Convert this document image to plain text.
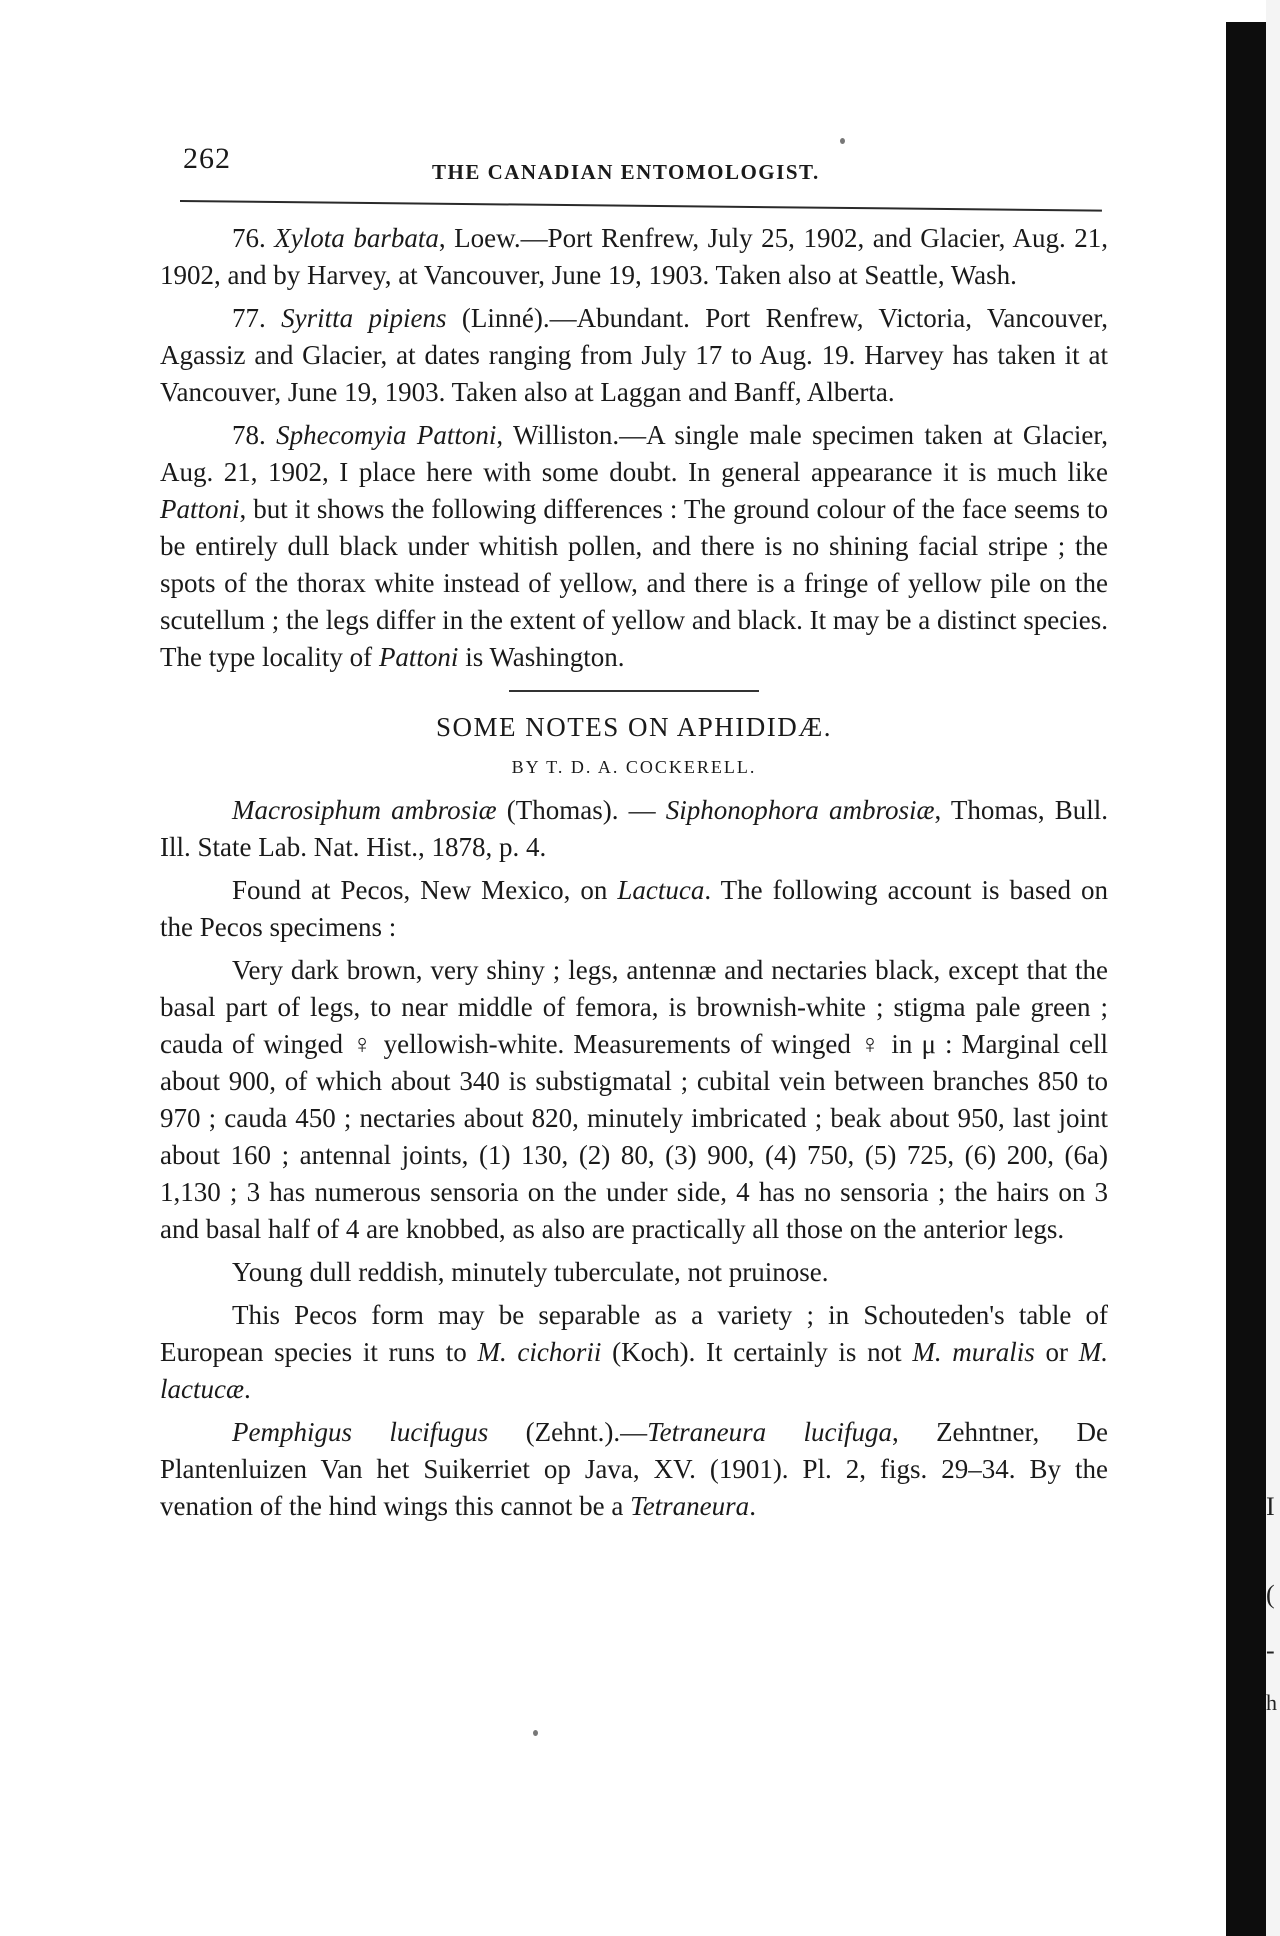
I
(
-
h
262	THE CANADIAN ENTOMOLOGIST.

76. Xylota barbata, Loew.—Port Renfrew, July 25, 1902, and Glacier, Aug. 21, 1902, and by Harvey, at Vancouver, June 19, 1903. Taken also at Seattle, Wash.

77. Syritta pipiens (Linné).—Abundant. Port Renfrew, Victoria, Vancouver, Agassiz and Glacier, at dates ranging from July 17 to Aug. 19. Harvey has taken it at Vancouver, June 19, 1903. Taken also at Laggan and Banff, Alberta.

78. Sphecomyia Pattoni, Williston.—A single male specimen taken at Glacier, Aug. 21, 1902, I place here with some doubt. In general appearance it is much like Pattoni, but it shows the following differences : The ground colour of the face seems to be entirely dull black under whitish pollen, and there is no shining facial stripe ; the spots of the thorax white instead of yellow, and there is a fringe of yellow pile on the scutellum ; the legs differ in the extent of yellow and black. It may be a distinct species. The type locality of Pattoni is Washington.

SOME NOTES ON APHIDIDÆ.
BY T. D. A. COCKERELL.

Macrosiphum ambrosiæ (Thomas). — Siphonophora ambrosiæ, Thomas, Bull. Ill. State Lab. Nat. Hist., 1878, p. 4.

Found at Pecos, New Mexico, on Lactuca. The following account is based on the Pecos specimens :

Very dark brown, very shiny ; legs, antennæ and nectaries black, except that the basal part of legs, to near middle of femora, is brownish-white ; stigma pale green ; cauda of winged ♀ yellowish-white. Measurements of winged ♀ in μ : Marginal cell about 900, of which about 340 is substigmatal ; cubital vein between branches 850 to 970 ; cauda 450 ; nectaries about 820, minutely imbricated ; beak about 950, last joint about 160 ; antennal joints, (1) 130, (2) 80, (3) 900, (4) 750, (5) 725, (6) 200, (6a) 1,130 ; 3 has numerous sensoria on the under side, 4 has no sensoria ; the hairs on 3 and basal half of 4 are knobbed, as also are practically all those on the anterior legs.

Young dull reddish, minutely tuberculate, not pruinose.

This Pecos form may be separable as a variety ; in Schouteden's table of European species it runs to M. cichorii (Koch). It certainly is not M. muralis or M. lactucæ.

Pemphigus lucifugus (Zehnt.).—Tetraneura lucifuga, Zehntner, De Plantenluizen Van het Suikerriet op Java, XV. (1901). Pl. 2, figs. 29–34. By the venation of the hind wings this cannot be a Tetraneura.
